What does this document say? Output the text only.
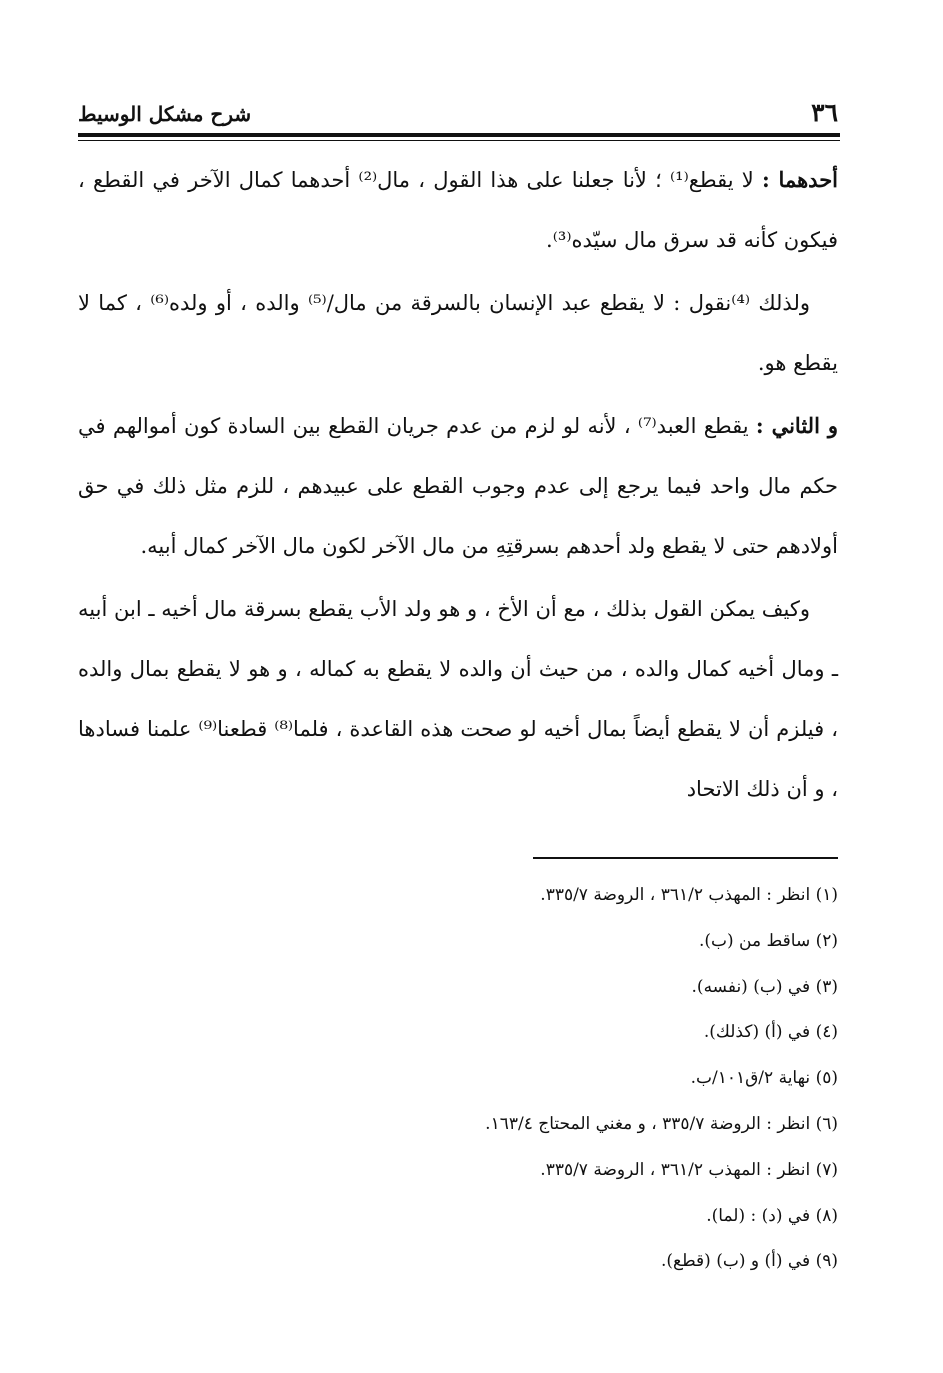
٣٦
شرح مشكل الوسيط

أحدهما : لا يقطع⁽¹⁾ ؛ لأنا جعلنا على هذا القول ، مال⁽²⁾ أحدهما كمال الآخر في القطع ، فيكون كأنه قد سرق مال سيّده⁽³⁾.

ولذلك ⁽⁴⁾نقول : لا يقطع عبد الإنسان بالسرقة من مال/⁽⁵⁾ والده ، أو ولده⁽⁶⁾ ، كما لا يقطع هو.

و الثاني : يقطع العبد⁽⁷⁾ ، لأنه لو لزم من عدم جريان القطع بين السادة كون أموالهم في حكم مال واحد فيما يرجع إلى عدم وجوب القطع على عبيدهم ، للزم مثل ذلك في حق أولادهم حتى لا يقطع ولد أحدهم بسرقتِهِ من مال الآخر لكون مال الآخر كمال أبيه.

وكيف يمكن القول بذلك ، مع أن الأخ ، و هو ولد الأب يقطع بسرقة مال أخيه ـ ابن أبيه ـ ومال أخيه كمال والده ، من حيث أن والده لا يقطع به كماله ، و هو لا يقطع بمال والده ، فيلزم أن لا يقطع أيضاً بمال أخيه لو صحت هذه القاعدة ، فلما⁽⁸⁾ قطعنا⁽⁹⁾ علمنا فسادها ، و أن ذلك الاتحاد

(١) انظر : المهذب ٣٦١/٢ ، الروضة ٣٣٥/٧.
(٢) ساقط من (ب).
(٣) في (ب) (نفسه).
(٤) في (أ) (كذلك).
(٥) نهاية ٢/ق١٠١/ب.
(٦) انظر : الروضة ٣٣٥/٧ ، و مغني المحتاج ١٦٣/٤.
(٧) انظر : المهذب ٣٦١/٢ ، الروضة ٣٣٥/٧.
(٨) في (د) : (لما).
(٩) في (أ) و (ب) (قطع).
